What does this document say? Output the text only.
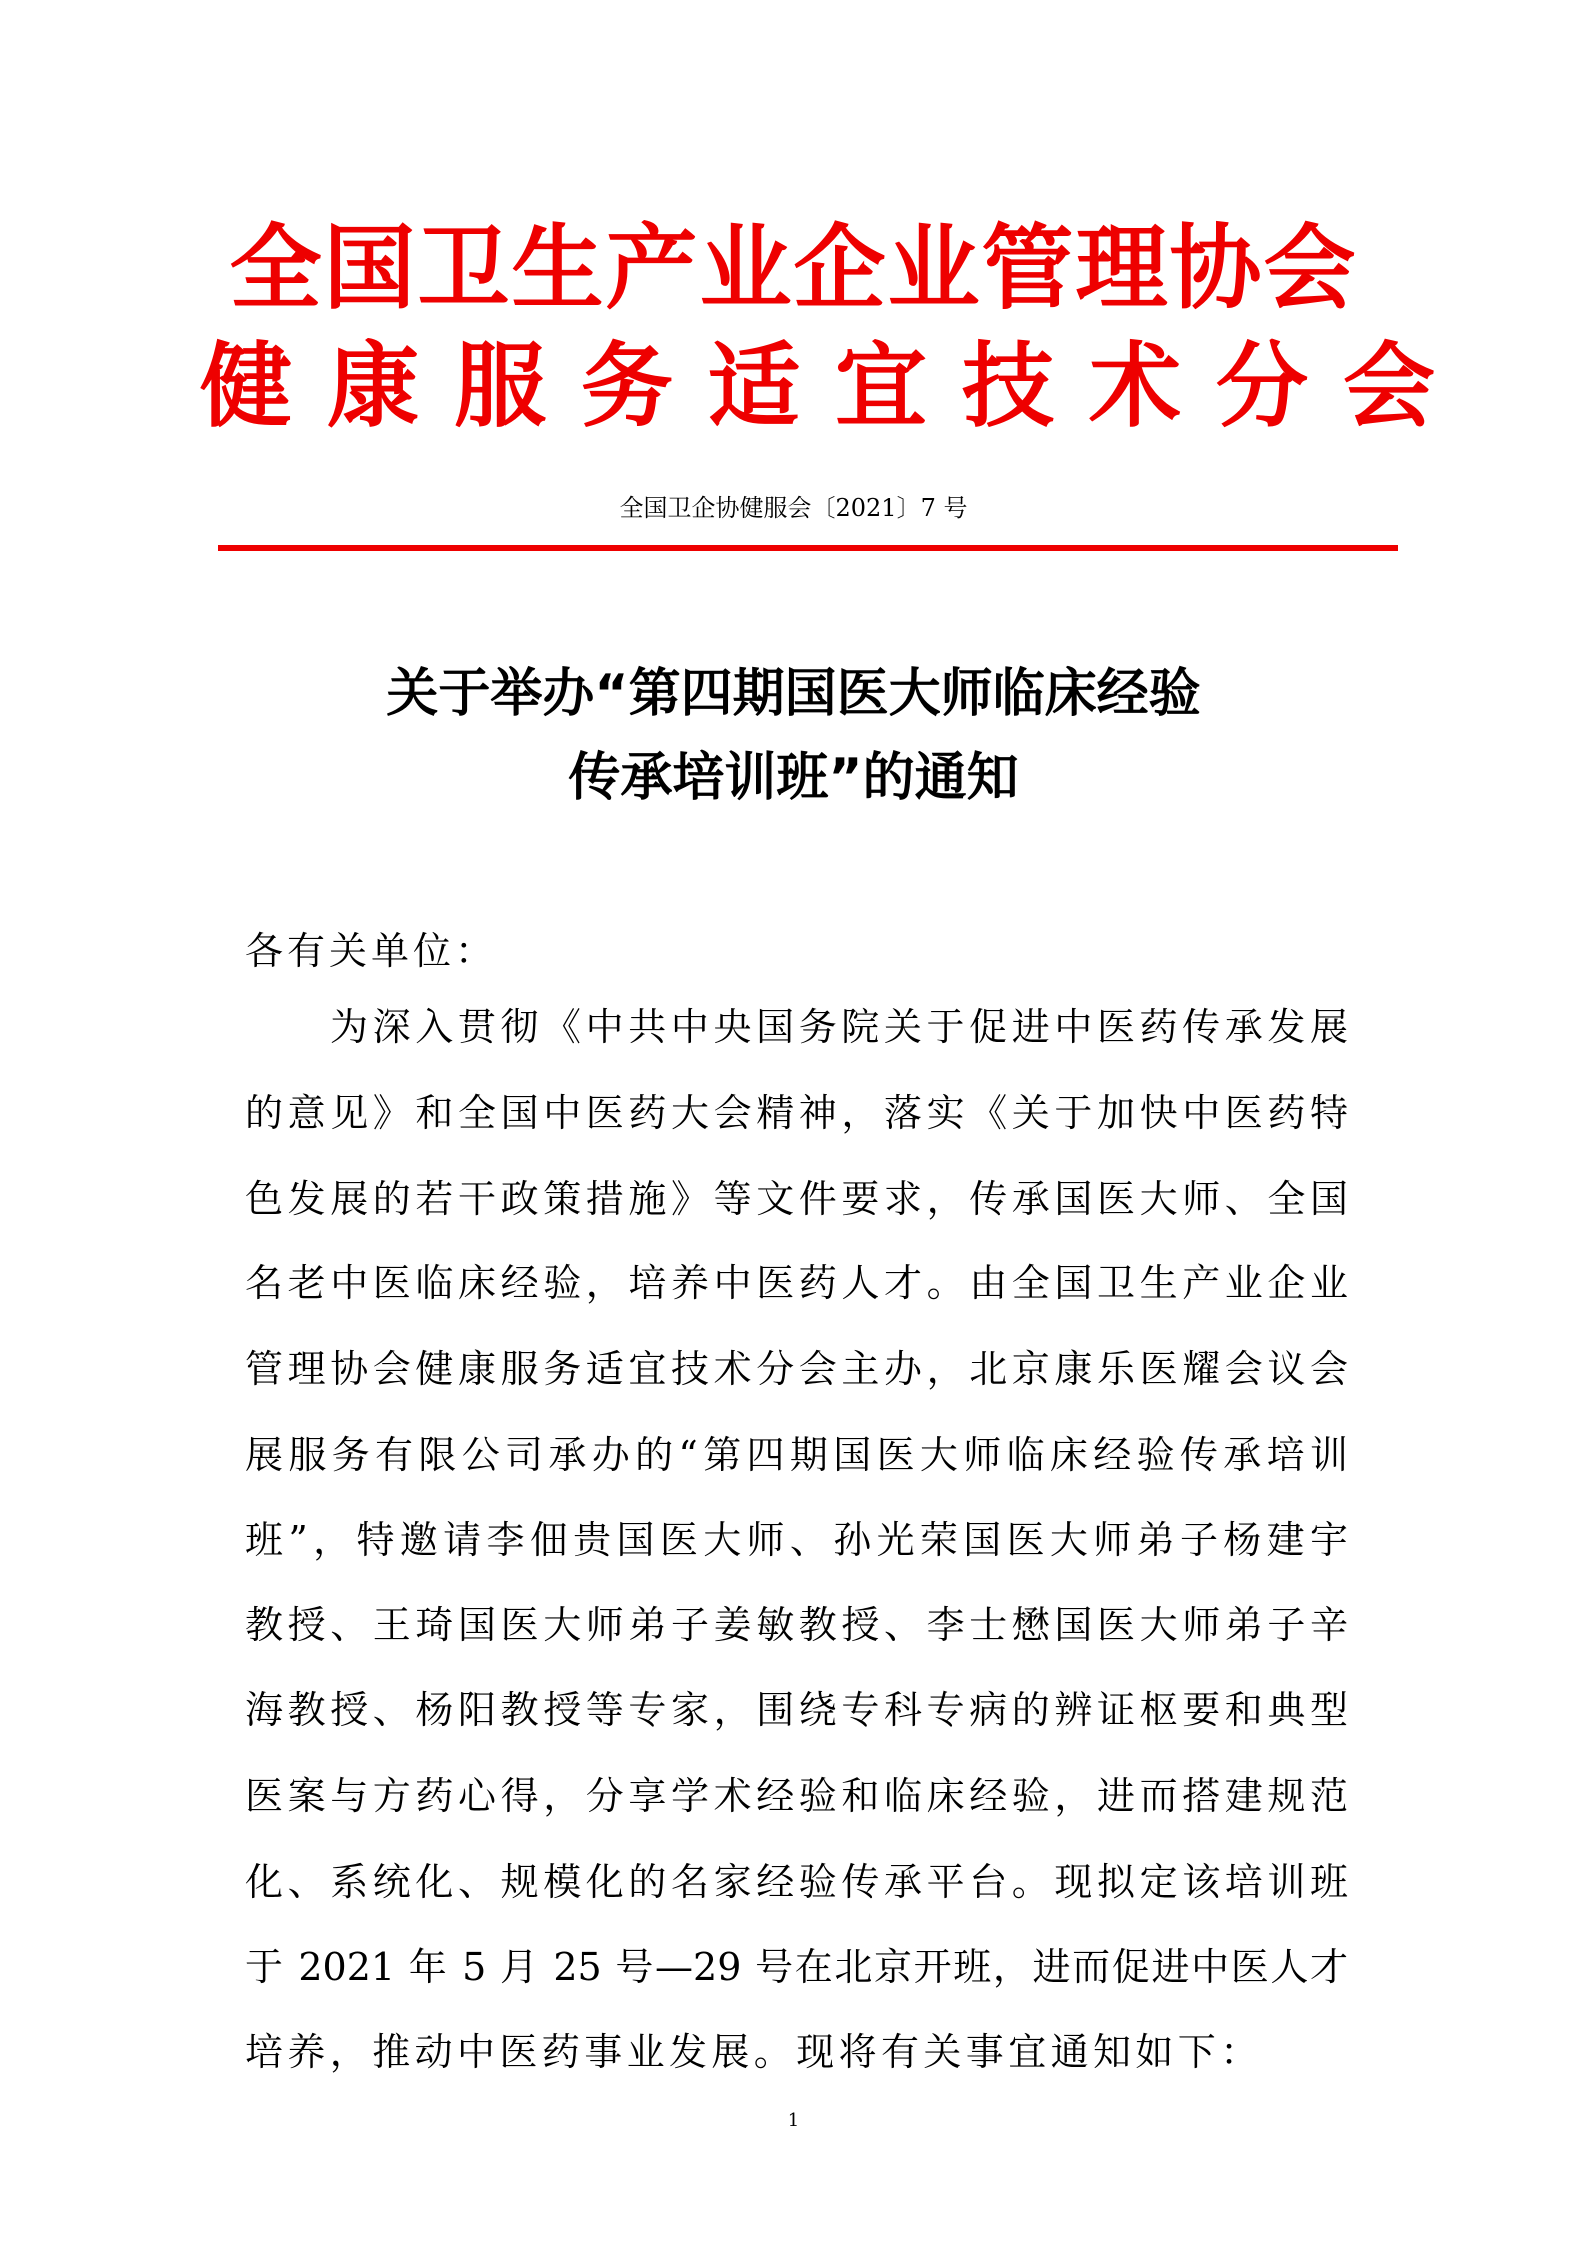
全国卫生产业企业管理协会
健康服务适宜技术分会
全国卫企协健服会〔2021〕7 号
关于举办“第四期国医大师临床经验
传承培训班”的通知
各有关单位：
为深入贯彻《中共中央国务院关于促进中医药传承发展
的意见》和全国中医药大会精神，落实《关于加快中医药特
色发展的若干政策措施》等文件要求，传承国医大师、全国
名老中医临床经验，培养中医药人才。由全国卫生产业企业
管理协会健康服务适宜技术分会主办，北京康乐医耀会议会
展服务有限公司承办的“第四期国医大师临床经验传承培训
班”，特邀请李佃贵国医大师、孙光荣国医大师弟子杨建宇
教授、王琦国医大师弟子姜敏教授、李士懋国医大师弟子辛
海教授、杨阳教授等专家，围绕专科专病的辨证枢要和典型
医案与方药心得，分享学术经验和临床经验，进而搭建规范
化、系统化、规模化的名家经验传承平台。现拟定该培训班
于 2021 年 5 月 25 号—29 号在北京开班，进而促进中医人才
培养，推动中医药事业发展。现将有关事宜通知如下：
1
